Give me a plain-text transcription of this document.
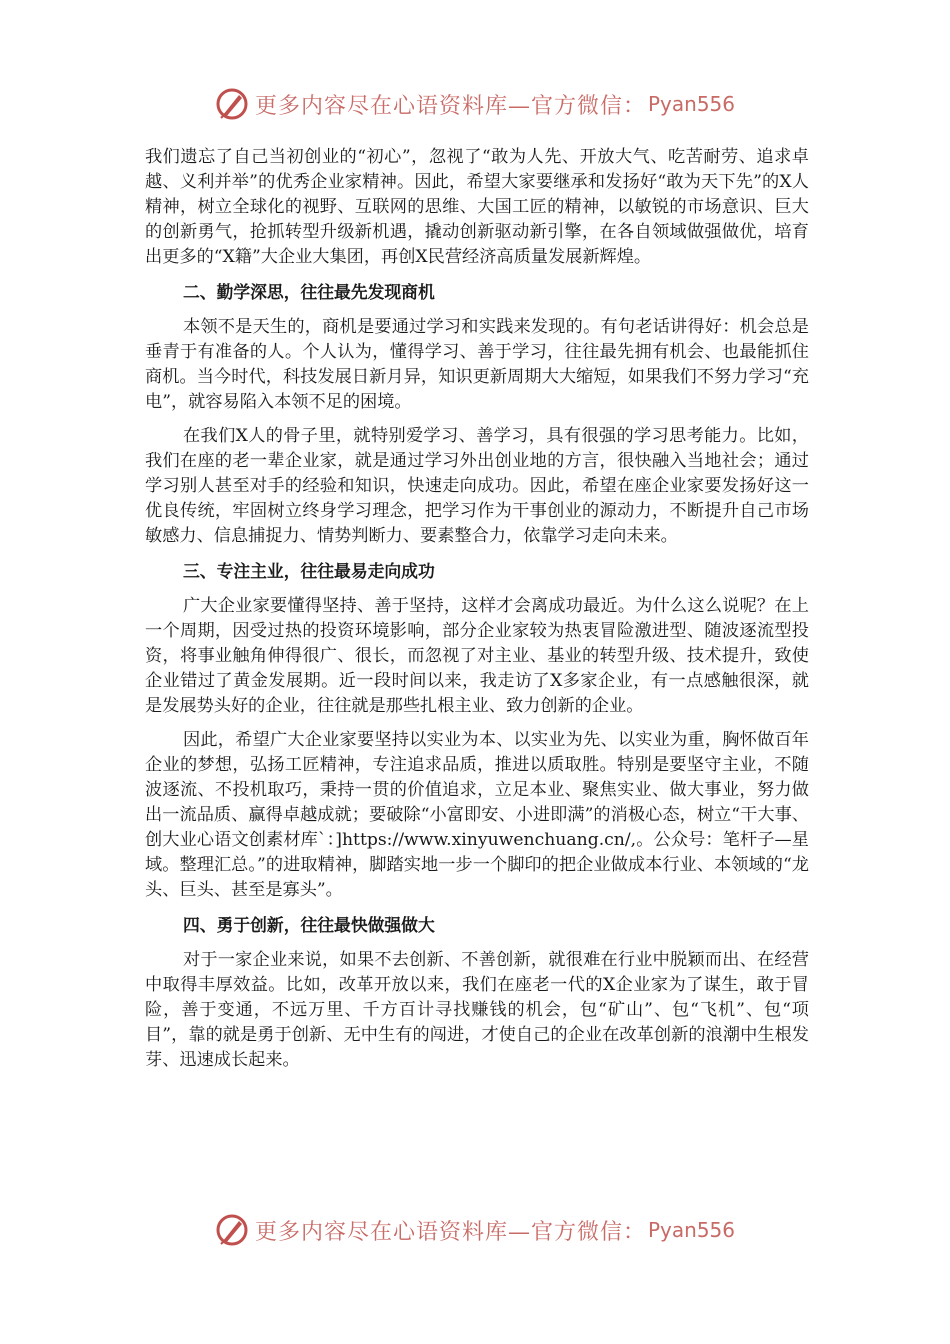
更多内容尽在心语资料库—官方微信： Pyan556

我们遗忘了自己当初创业的“初心”，忽视了“敢为人先、开放大气、吃苦耐劳、追求卓越、义利并举”的优秀企业家精神。因此，希望大家要继承和发扬好“敢为天下先”的X人精神，树立全球化的视野、互联网的思维、大国工匠的精神，以敏锐的市场意识、巨大的创新勇气，抢抓转型升级新机遇，撬动创新驱动新引擎，在各自领域做强做优，培育出更多的“X籍”大企业大集团，再创X民营经济高质量发展新辉煌。

二、勤学深思，往往最先发现商机

本领不是天生的，商机是要通过学习和实践来发现的。有句老话讲得好：机会总是垂青于有准备的人。个人认为，懂得学习、善于学习，往往最先拥有机会、也最能抓住商机。当今时代，科技发展日新月异，知识更新周期大大缩短，如果我们不努力学习“充电”，就容易陷入本领不足的困境。

在我们X人的骨子里，就特别爱学习、善学习，具有很强的学习思考能力。比如，我们在座的老一辈企业家，就是通过学习外出创业地的方言，很快融入当地社会；通过学习别人甚至对手的经验和知识，快速走向成功。因此，希望在座企业家要发扬好这一优良传统，牢固树立终身学习理念，把学习作为干事创业的源动力，不断提升自己市场敏感力、信息捕捉力、情势判断力、要素整合力，依靠学习走向未来。

三、专注主业，往往最易走向成功

广大企业家要懂得坚持、善于坚持，这样才会离成功最近。为什么这么说呢？在上一个周期，因受过热的投资环境影响，部分企业家较为热衷冒险激进型、随波逐流型投资，将事业触角伸得很广、很长，而忽视了对主业、基业的转型升级、技术提升，致使企业错过了黄金发展期。近一段时间以来，我走访了X多家企业，有一点感触很深，就是发展势头好的企业，往往就是那些扎根主业、致力创新的企业。

因此，希望广大企业家要坚持以实业为本、以实业为先、以实业为重，胸怀做百年企业的梦想，弘扬工匠精神，专注追求品质，推进以质取胜。特别是要坚守主业，不随波逐流、不投机取巧，秉持一贯的价值追求，立足本业、聚焦实业、做大事业，努力做出一流品质、赢得卓越成就；要破除“小富即安、小进即满”的消极心态，树立“干大事、创大业心语文创素材库`：]https://www.xinyuwenchuang.cn/,。公众号：笔杆子—星域。整理汇总。”的进取精神，脚踏实地一步一个脚印的把企业做成本行业、本领域的“龙头、巨头、甚至是寡头”。

四、勇于创新，往往最快做强做大

对于一家企业来说，如果不去创新、不善创新，就很难在行业中脱颖而出、在经营中取得丰厚效益。比如，改革开放以来，我们在座老一代的X企业家为了谋生，敢于冒险，善于变通，不远万里、千方百计寻找赚钱的机会，包“矿山”、包“飞机”、包“项目”，靠的就是勇于创新、无中生有的闯进，才使自己的企业在改革创新的浪潮中生根发芽、迅速成长起来。

更多内容尽在心语资料库—官方微信： Pyan556
